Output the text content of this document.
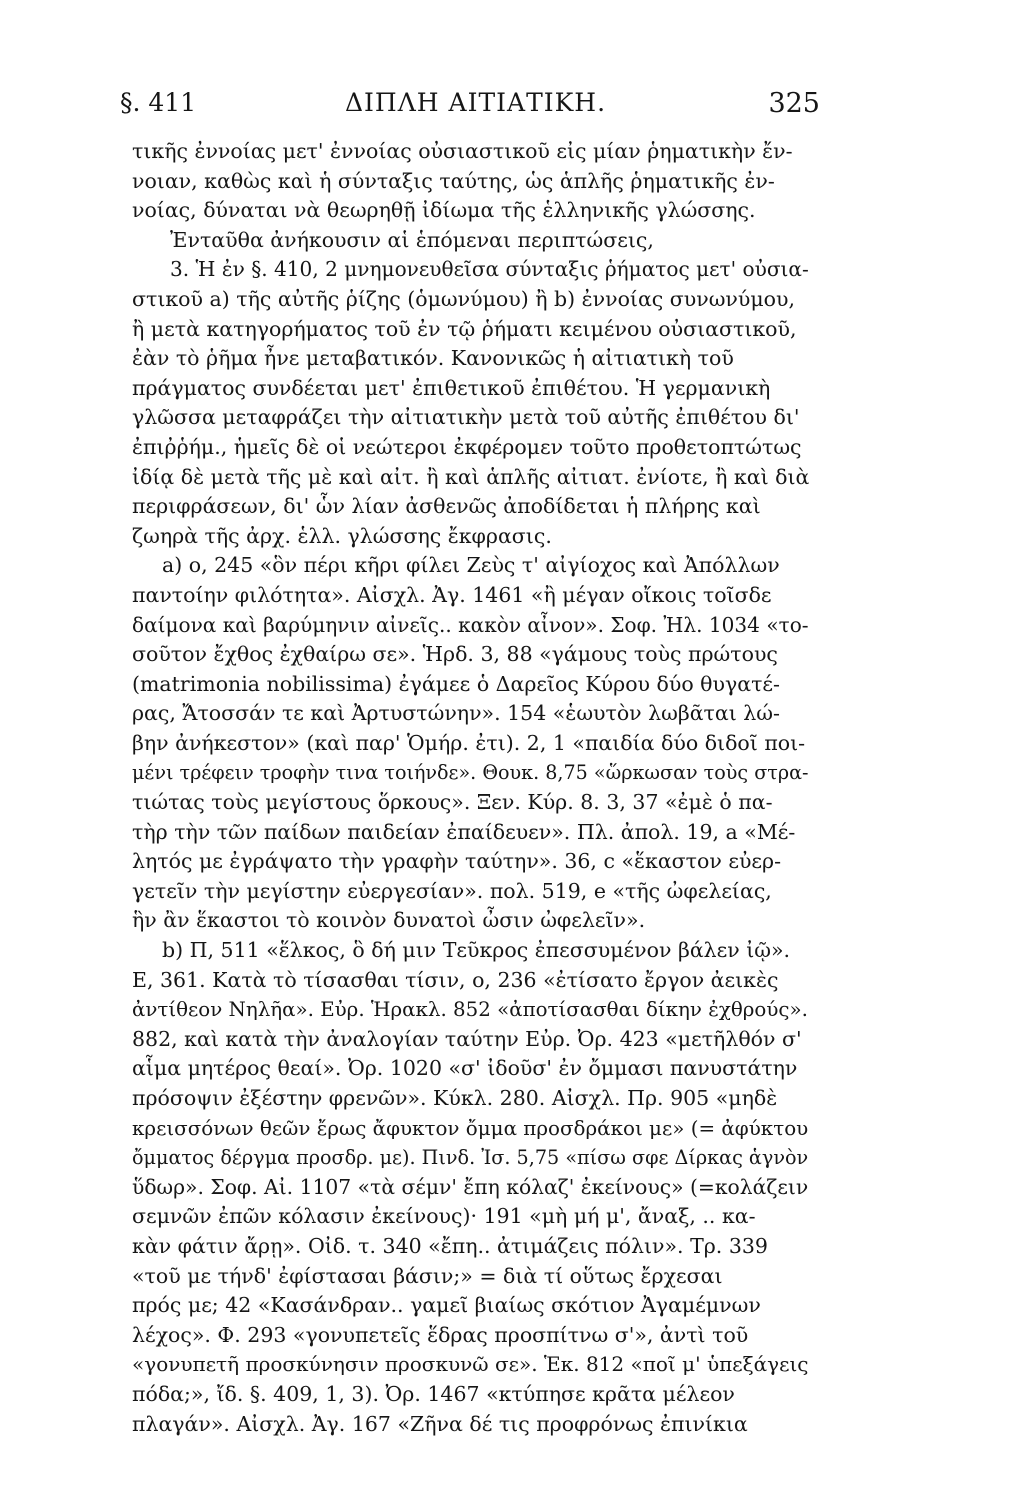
§. 411	ΔΙΠΛΗ ΑΙΤΙΑΤΙΚΗ.	325
τικῆς ἐννοίας μετ' ἐννοίας οὐσιαστικοῦ εἰς μίαν ῥηματικὴν ἔν-
νοιαν, καθὼς καὶ ἡ σύνταξις ταύτης, ὡς ἁπλῆς ῥηματικῆς ἐν-
νοίας, δύναται νὰ θεωρηθῇ ἰδίωμα τῆς ἑλληνικῆς γλώσσης.
Ἐνταῦθα ἀνήκουσιν αἱ ἑπόμεναι περιπτώσεις,
3. Ἡ ἐν §. 410, 2 μνημονευθεῖσα σύνταξις ῥήματος μετ' οὐσια-
στικοῦ a) τῆς αὐτῆς ῥίζης (ὁμωνύμου) ἢ b) ἐννοίας συνωνύμου,
ἢ μετὰ κατηγορήματος τοῦ ἐν τῷ ῥήματι κειμένου οὐσιαστικοῦ,
ἐὰν τὸ ῥῆμα ἦνε μεταβατικόν. Κανονικῶς ἡ αἰτιατικὴ τοῦ
πράγματος συνδέεται μετ' ἐπιθετικοῦ ἐπιθέτου. Ἡ γερμανικὴ
γλῶσσα μεταφράζει τὴν αἰτιατικὴν μετὰ τοῦ αὐτῆς ἐπιθέτου δι'
ἐπιῤῥήμ., ἡμεῖς δὲ οἱ νεώτεροι ἐκφέρομεν τοῦτο προθετοπτώτως
ἰδίᾳ δὲ μετὰ τῆς μὲ καὶ αἰτ. ἢ καὶ ἁπλῆς αἰτιατ. ἐνίοτε, ἢ καὶ διὰ
περιφράσεων, δι' ὧν λίαν ἀσθενῶς ἀποδίδεται ἡ πλήρης καὶ
ζωηρὰ τῆς ἀρχ. ἑλλ. γλώσσης ἔκφρασις.
a) ο, 245 «ὃν πέρι κῆρι φίλει Ζεὺς τ' αἰγίοχος καὶ Ἀπόλλων
παντοίην φιλότητα». Αἰσχλ. Ἀγ. 1461 «ἢ μέγαν οἴκοις τοῖσδε
δαίμονα καὶ βαρύμηνιν αἰνεῖς.. κακὸν αἶνον». Σοφ. Ἠλ. 1034 «το-
σοῦτον ἔχθος ἐχθαίρω σε». Ἡρδ. 3, 88 «γάμους τοὺς πρώτους
(matrimonia nobilissima) ἐγάμεε ὁ Δαρεῖος Κύρου δύο θυγατέ-
ρας, Ἄτοσσάν τε καὶ Ἀρτυστώνην». 154 «ἑωυτὸν λωβᾶται λώ-
βην ἀνήκεστον» (καὶ παρ' Ὁμήρ. ἐτι). 2, 1 «παιδία δύο διδοῖ ποι-
μένι τρέφειν τροφὴν τινα τοιήνδε». Θουκ. 8,75 «ὥρκωσαν τοὺς στρα-
τιώτας τοὺς μεγίστους ὅρκους». Ξεν. Κύρ. 8. 3, 37 «ἐμὲ ὁ πα-
τὴρ τὴν τῶν παίδων παιδείαν ἐπαίδευεν». Πλ. ἀπολ. 19, a «Μέ-
λητός με ἐγράψατο τὴν γραφὴν ταύτην». 36, c «ἕκαστον εὐερ-
γετεῖν τὴν μεγίστην εὐεργεσίαν». πολ. 519, e «τῆς ὠφελείας,
ἣν ἂν ἕκαστοι τὸ κοινὸν δυνατοὶ ὦσιν ὠφελεῖν».
b) Π, 511 «ἕλκος, ὃ δή μιν Τεῦκρος ἐπεσσυμένον βάλεν ἰῷ».
Ε, 361. Κατὰ τὸ τίσασθαι τίσιν, ο, 236 «ἐτίσατο ἔργον ἀεικὲς
ἀντίθεον Νηλῆα». Εὐρ. Ἡρακλ. 852 «ἀποτίσασθαι δίκην ἐχθρούς».
882, καὶ κατὰ τὴν ἀναλογίαν ταύτην Εὐρ. Ὀρ. 423 «μετῆλθόν σ'
αἷμα μητέρος θεαί». Ὀρ. 1020 «σ' ἰδοῦσ' ἐν ὄμμασι πανυστάτην
πρόσοψιν ἐξέστην φρενῶν». Κύκλ. 280. Αἰσχλ. Πρ. 905 «μηδὲ
κρεισσόνων θεῶν ἔρως ἄφυκτον ὄμμα προσδράκοι με» (= ἀφύκτου
ὄμματος δέργμα προσδρ. με). Πινδ. Ἰσ. 5,75 «πίσω σφε Δίρκας ἁγνὸν
ὕδωρ». Σοφ. Αἰ. 1107 «τὰ σέμν' ἔπη κόλαζ' ἐκείνους» (=κολάζειν
σεμνῶν ἐπῶν κόλασιν ἐκείνους)· 191 «μὴ μή μ', ἄναξ, .. κα-
κὰν φάτιν ἄρῃ». Οἰδ. τ. 340 «ἔπη.. ἀτιμάζεις πόλιν». Τρ. 339
«τοῦ με τήνδ' ἐφίστασαι βάσιν;» = διὰ τί οὕτως ἔρχεσαι
πρός με; 42 «Κασάνδραν.. γαμεῖ βιαίως σκότιον Ἀγαμέμνων
λέχος». Φ. 293 «γονυπετεῖς ἕδρας προσπίτνω σ'», ἀντὶ τοῦ
«γονυπετῆ προσκύνησιν προσκυνῶ σε». Ἑκ. 812 «ποῖ μ' ὑπεξάγεις
πόδα;», ἴδ. §. 409, 1, 3). Ὀρ. 1467 «κτύπησε κρᾶτα μέλεον
πλαγάν». Αἰσχλ. Ἀγ. 167 «Ζῆνα δέ τις προφρόνως ἐπινίκια
